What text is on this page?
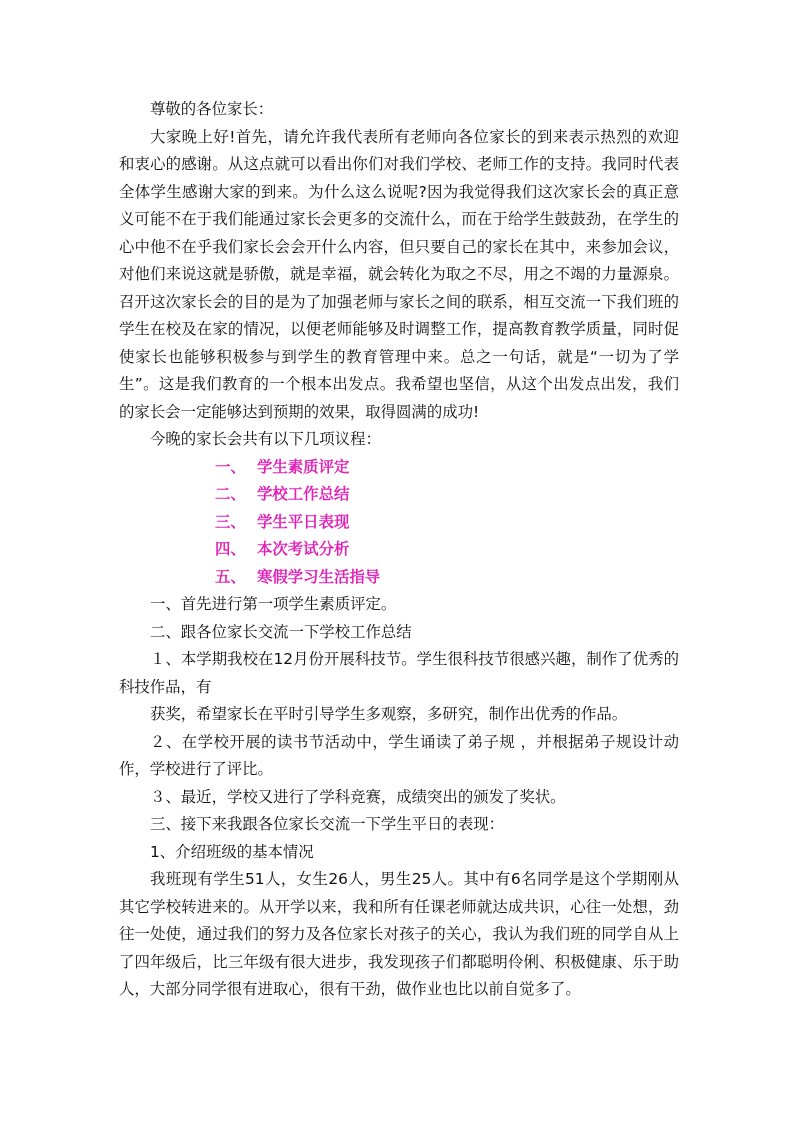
尊敬的各位家长：

大家晚上好!首先，请允许我代表所有老师向各位家长的到来表示热烈的欢迎和衷心的感谢。从这点就可以看出你们对我们学校、老师工作的支持。我同时代表全体学生感谢大家的到来。为什么这么说呢?因为我觉得我们这次家长会的真正意义可能不在于我们能通过家长会更多的交流什么，而在于给学生鼓鼓劲，在学生的心中他不在乎我们家长会会开什么内容，但只要自己的家长在其中，来参加会议，对他们来说这就是骄傲，就是幸福，就会转化为取之不尽，用之不竭的力量源泉。召开这次家长会的目的是为了加强老师与家长之间的联系，相互交流一下我们班的学生在校及在家的情况，以便老师能够及时调整工作，提高教育教学质量，同时促使家长也能够积极参与到学生的教育管理中来。总之一句话，就是“一切为了学生”。这是我们教育的一个根本出发点。我希望也坚信，从这个出发点出发，我们的家长会一定能够达到预期的效果，取得圆满的成功!

今晚的家长会共有以下几项议程：

一、 学生素质评定

二、 学校工作总结

三、 学生平日表现

四、 本次考试分析

五、 寒假学习生活指导

一、首先进行第一项学生素质评定。

二、跟各位家长交流一下学校工作总结

１、本学期我校在12月份开展科技节。学生很科技节很感兴趣，制作了优秀的科技作品，有

获奖，希望家长在平时引导学生多观察，多研究，制作出优秀的作品。

２、在学校开展的读书节活动中，学生诵读了弟子规 ，并根据弟子规设计动作，学校进行了评比。

３、最近，学校又进行了学科竞赛，成绩突出的颁发了奖状。

三、接下来我跟各位家长交流一下学生平日的表现：

1、介绍班级的基本情况

我班现有学生51人，女生26人，男生25人。其中有6名同学是这个学期刚从其它学校转进来的。从开学以来，我和所有任课老师就达成共识，心往一处想，劲往一处使，通过我们的努力及各位家长对孩子的关心，我认为我们班的同学自从上了四年级后，比三年级有很大进步，我发现孩子们都聪明伶俐、积极健康、乐于助人，大部分同学很有进取心，很有干劲，做作业也比以前自觉多了。
